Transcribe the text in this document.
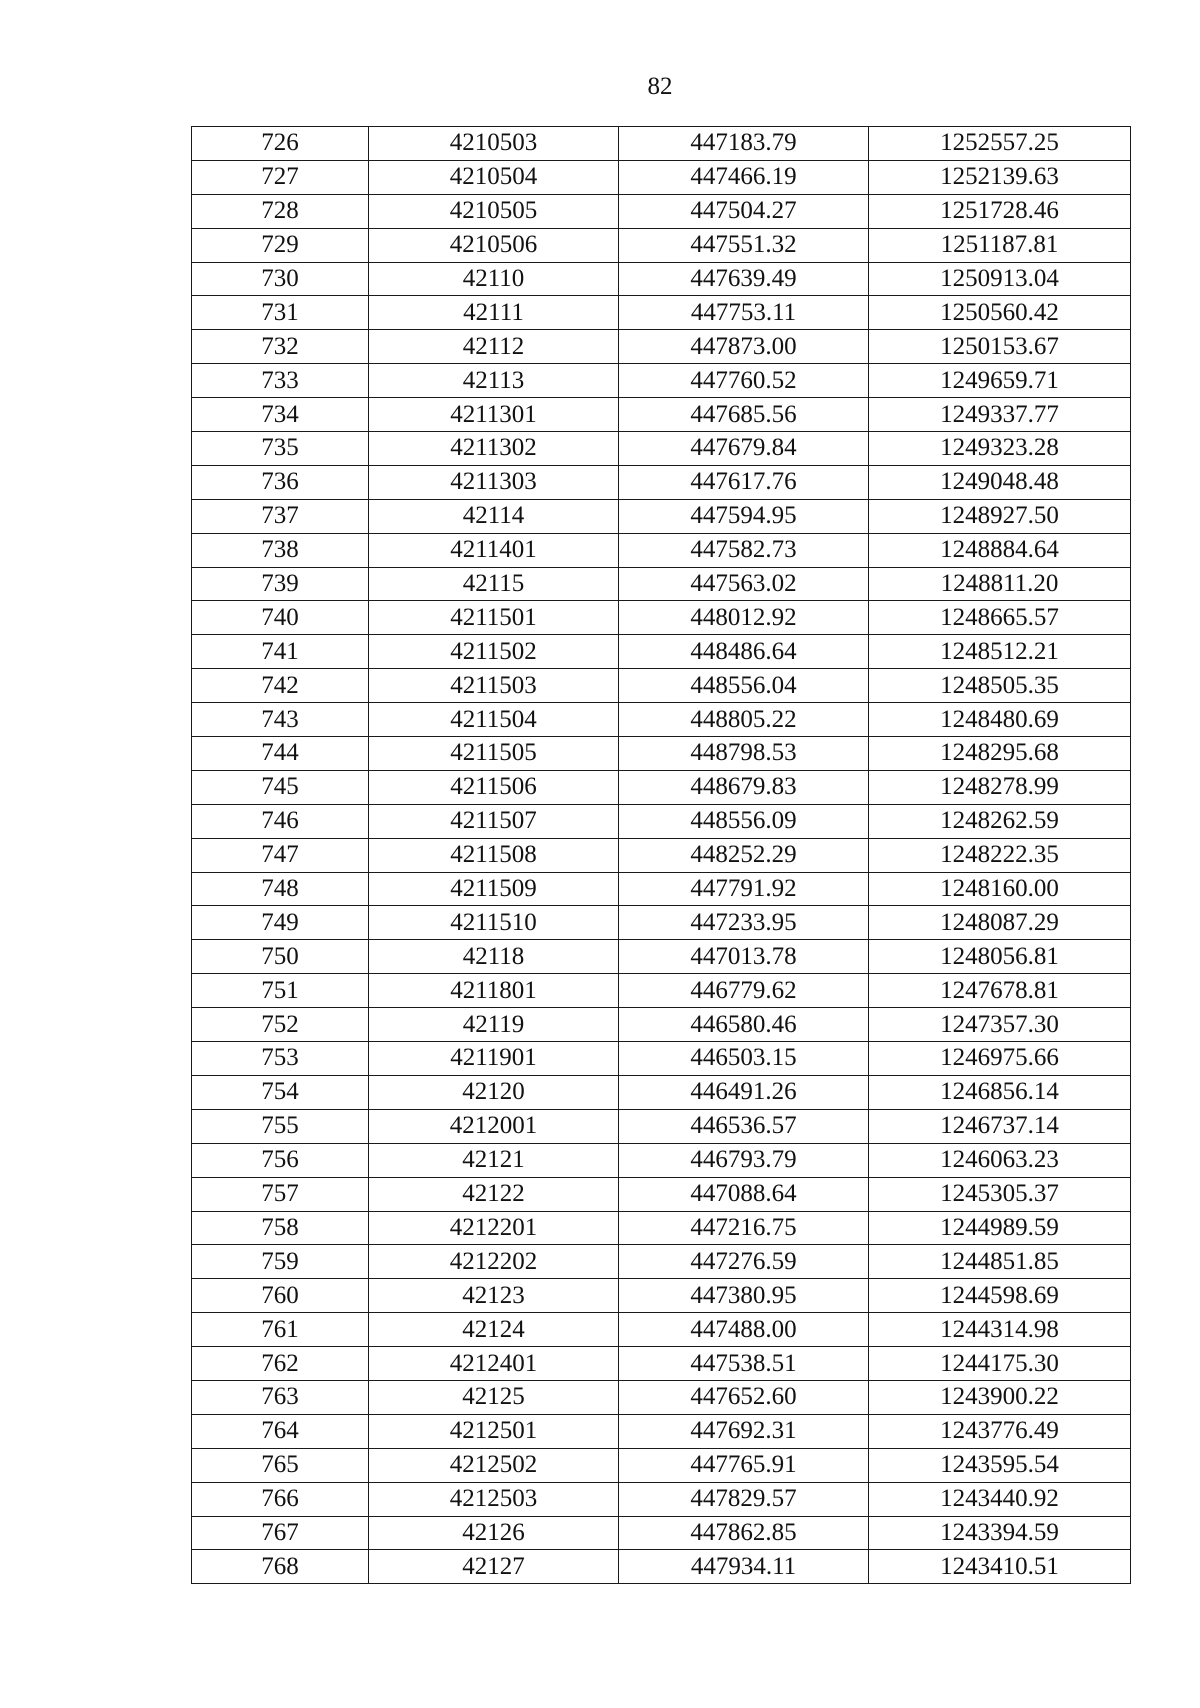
82
726	4210503	447183.79	1252557.25
727	4210504	447466.19	1252139.63
728	4210505	447504.27	1251728.46
729	4210506	447551.32	1251187.81
730	42110	447639.49	1250913.04
731	42111	447753.11	1250560.42
732	42112	447873.00	1250153.67
733	42113	447760.52	1249659.71
734	4211301	447685.56	1249337.77
735	4211302	447679.84	1249323.28
736	4211303	447617.76	1249048.48
737	42114	447594.95	1248927.50
738	4211401	447582.73	1248884.64
739	42115	447563.02	1248811.20
740	4211501	448012.92	1248665.57
741	4211502	448486.64	1248512.21
742	4211503	448556.04	1248505.35
743	4211504	448805.22	1248480.69
744	4211505	448798.53	1248295.68
745	4211506	448679.83	1248278.99
746	4211507	448556.09	1248262.59
747	4211508	448252.29	1248222.35
748	4211509	447791.92	1248160.00
749	4211510	447233.95	1248087.29
750	42118	447013.78	1248056.81
751	4211801	446779.62	1247678.81
752	42119	446580.46	1247357.30
753	4211901	446503.15	1246975.66
754	42120	446491.26	1246856.14
755	4212001	446536.57	1246737.14
756	42121	446793.79	1246063.23
757	42122	447088.64	1245305.37
758	4212201	447216.75	1244989.59
759	4212202	447276.59	1244851.85
760	42123	447380.95	1244598.69
761	42124	447488.00	1244314.98
762	4212401	447538.51	1244175.30
763	42125	447652.60	1243900.22
764	4212501	447692.31	1243776.49
765	4212502	447765.91	1243595.54
766	4212503	447829.57	1243440.92
767	42126	447862.85	1243394.59
768	42127	447934.11	1243410.51
